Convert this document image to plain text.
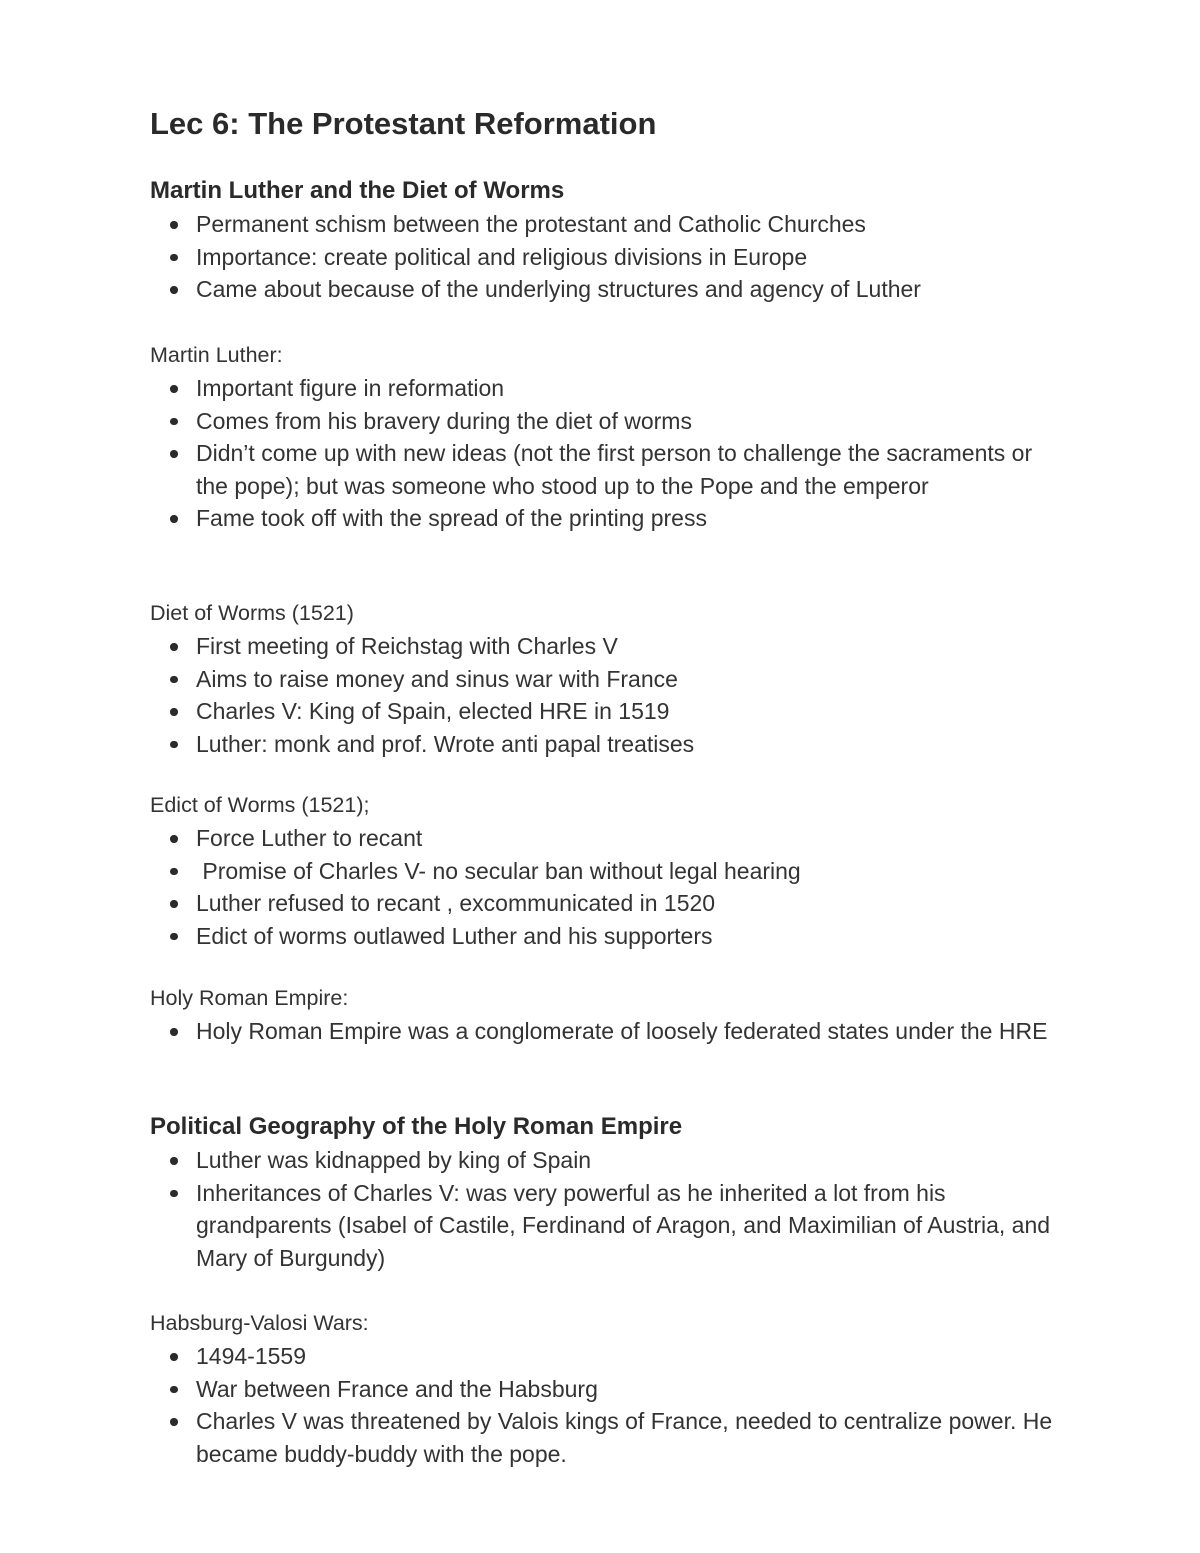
Lec 6: The Protestant Reformation
Martin Luther and the Diet of Worms
Permanent schism between the protestant and Catholic Churches
Importance: create political and religious divisions in Europe
Came about because of the underlying structures and agency of Luther

Martin Luther:

Important figure in reformation
Comes from his bravery during the diet of worms
Didn’t come up with new ideas (not the first person to challenge the sacraments or the pope); but was someone who stood up to the Pope and the emperor
Fame took off with the spread of the printing press

Diet of Worms (1521)

First meeting of Reichstag with Charles V
Aims to raise money and sinus war with France
Charles V: King of Spain, elected HRE in 1519
Luther: monk and prof. Wrote anti papal treatises

Edict of Worms (1521);

Force Luther to recant
Promise of Charles V- no secular ban without legal hearing
Luther refused to recant , excommunicated in 1520
Edict of worms outlawed Luther and his supporters

Holy Roman Empire:

Holy Roman Empire was a conglomerate of loosely federated states under the HRE
Political Geography of the Holy Roman Empire
Luther was kidnapped by king of Spain
Inheritances of Charles V: was very powerful as he inherited a lot from his grandparents (Isabel of Castile, Ferdinand of Aragon, and Maximilian of Austria, and Mary of Burgundy)

Habsburg-Valosi Wars:

1494-1559
War between France and the Habsburg
Charles V was threatened by Valois kings of France, needed to centralize power. He became buddy-buddy with the pope.
